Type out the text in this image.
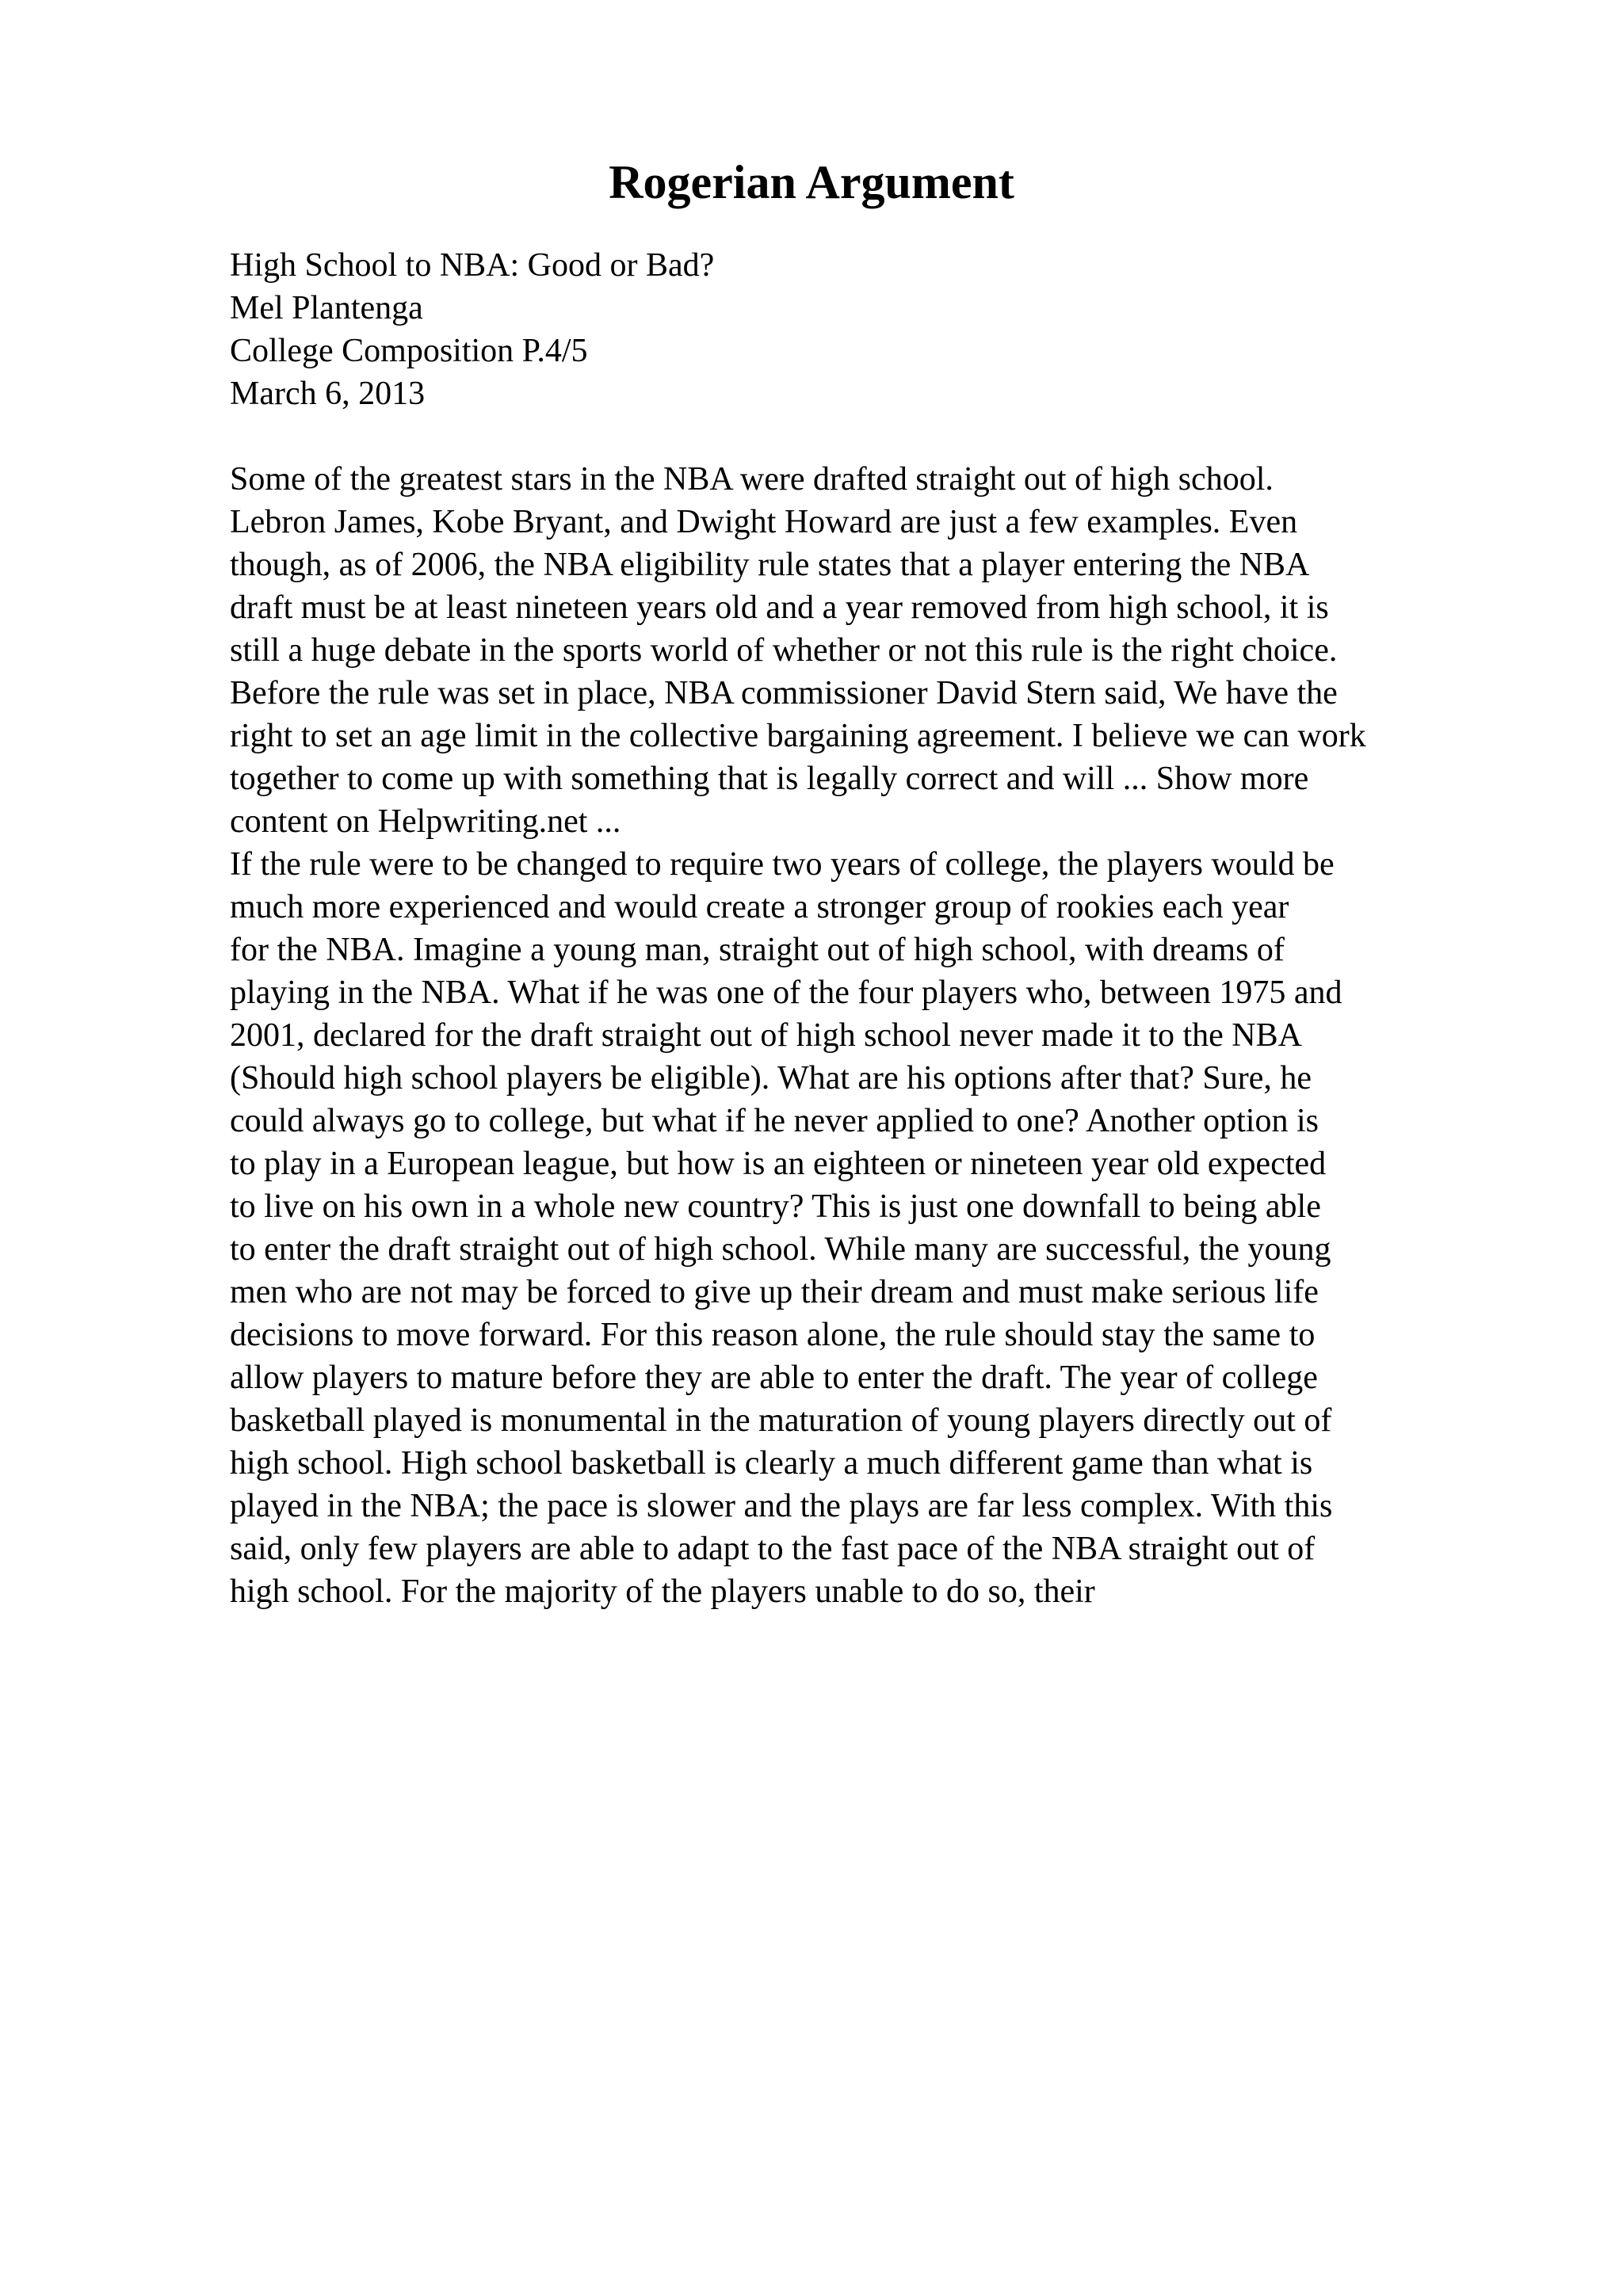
Rogerian Argument
High School to NBA: Good or Bad?
Mel Plantenga
College Composition P.4/5
March 6, 2013
Some of the greatest stars in the NBA were drafted straight out of high school.
Lebron James, Kobe Bryant, and Dwight Howard are just a few examples. Even
though, as of 2006, the NBA eligibility rule states that a player entering the NBA
draft must be at least nineteen years old and a year removed from high school, it is
still a huge debate in the sports world of whether or not this rule is the right choice.
Before the rule was set in place, NBA commissioner David Stern said, We have the
right to set an age limit in the collective bargaining agreement. I believe we can work
together to come up with something that is legally correct and will ... Show more
content on Helpwriting.net ...
If the rule were to be changed to require two years of college, the players would be
much more experienced and would create a stronger group of rookies each year
for the NBA. Imagine a young man, straight out of high school, with dreams of
playing in the NBA. What if he was one of the four players who, between 1975 and
2001, declared for the draft straight out of high school never made it to the NBA
(Should high school players be eligible). What are his options after that? Sure, he
could always go to college, but what if he never applied to one? Another option is
to play in a European league, but how is an eighteen or nineteen year old expected
to live on his own in a whole new country? This is just one downfall to being able
to enter the draft straight out of high school. While many are successful, the young
men who are not may be forced to give up their dream and must make serious life
decisions to move forward. For this reason alone, the rule should stay the same to
allow players to mature before they are able to enter the draft. The year of college
basketball played is monumental in the maturation of young players directly out of
high school. High school basketball is clearly a much different game than what is
played in the NBA; the pace is slower and the plays are far less complex. With this
said, only few players are able to adapt to the fast pace of the NBA straight out of
high school. For the majority of the players unable to do so, their
